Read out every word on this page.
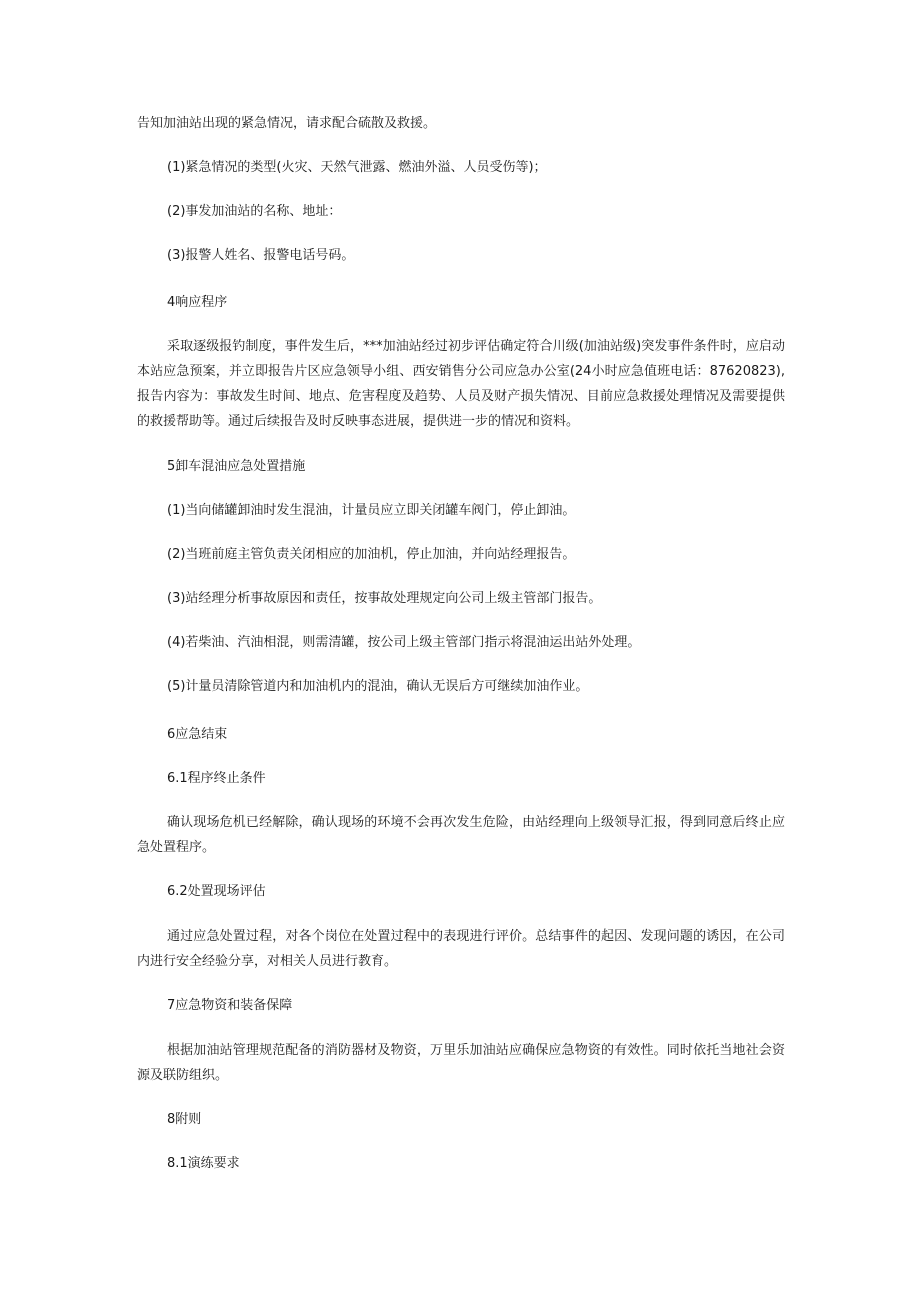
告知加油站出现的紧急情况，请求配合硫散及救援。

(1)紧急情况的类型(火灾、天然气泄露、燃油外溢、人员受伤等)；

(2)事发加油站的名称、地址：

(3)报警人姓名、报警电话号码。

4响应程序

采取逐级报钓制度，事件发生后，***加油站经过初步评估确定符合川级(加油站级)突发事件条件时，应启动本站应急预案，并立即报告片区应急领导小组、西安销售分公司应急办公室(24小时应急值班电话：87620823),报告内容为：事故发生时间、地点、危害程度及趋势、人员及财产损失情况、目前应急救援处理情况及需要提供的救援帮助等。通过后续报告及时反映事态进展，提供进一步的情况和资料。

5卸车混油应急处置措施

(1)当向储罐卸油时发生混油，计量员应立即关闭罐车阀门，停止卸油。

(2)当班前庭主管负责关闭相应的加油机，停止加油，并向站经理报告。

(3)站经理分析事故原因和责任，按事故处理规定向公司上级主管部门报告。

(4)若柴油、汽油相混，则需清罐，按公司上级主管部门指示将混油运出站外处理。

(5)计量员清除管道内和加油机内的混油，确认无误后方可继续加油作业。

6应急结束

6.1程序终止条件

确认现场危机已经解除，确认现场的环境不会再次发生危险，由站经理向上级领导汇报，得到同意后终止应急处置程序。

6.2处置现场评估

通过应急处置过程，对各个岗位在处置过程中的表现进行评价。总结事件的起因、发现问题的诱因，在公司内进行安全经验分享，对相关人员进行教育。

7应急物资和装备保障

根据加油站管理规范配备的消防器材及物资，万里乐加油站应确保应急物资的有效性。同时依托当地社会资源及联防组织。

8附则

8.1演练要求
